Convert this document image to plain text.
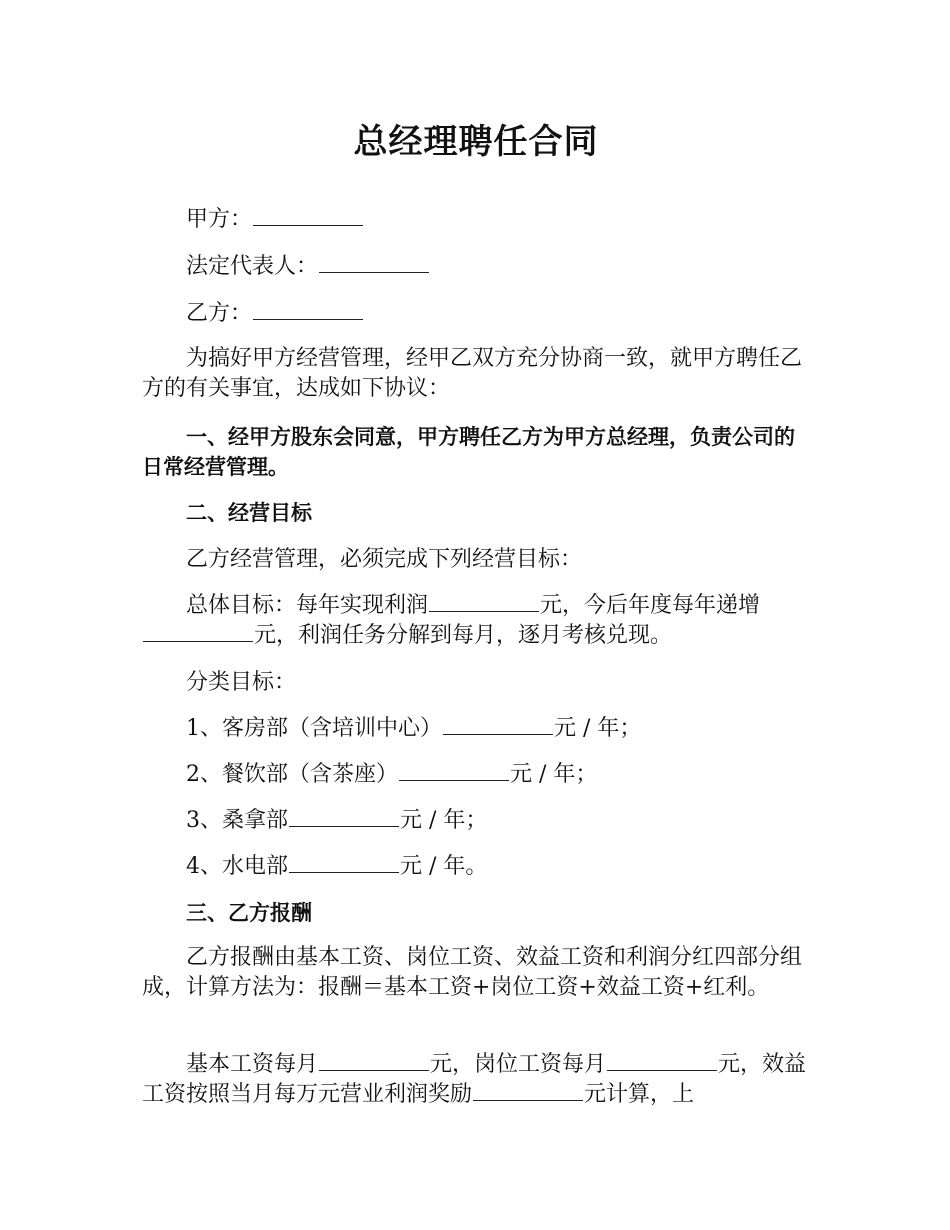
总经理聘任合同

甲方：

法定代表人：

乙方：

为搞好甲方经营管理，经甲乙双方充分协商一致，就甲方聘任乙方的有关事宜，达成如下协议：

一、经甲方股东会同意，甲方聘任乙方为甲方总经理，负责公司的日常经营管理。

二、经营目标

乙方经营管理，必须完成下列经营目标：

总体目标：每年实现利润	元，今后年度每年递增元，利润任务分解到每月，逐月考核兑现。

分类目标：

1、客房部（含培训中心）	元 / 年；

2、餐饮部（含茶座）	元 / 年；

3、桑拿部	元 / 年；

4、水电部	元 / 年。

三、乙方报酬

乙方报酬由基本工资、岗位工资、效益工资和利润分红四部分组成，计算方法为：报酬＝基本工资+岗位工资+效益工资+红利。

基本工资每月	元，岗位工资每月	元，效益工资按照当月每万元营业利润奖励	元计算，上
